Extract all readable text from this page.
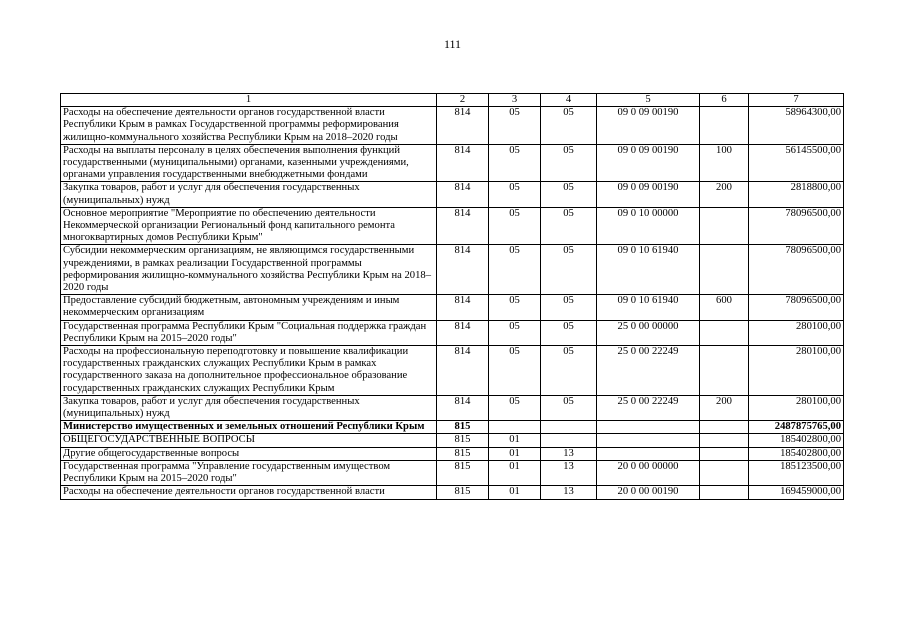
111
1	2	3	4	5	6	7
Расходы на обеспечение деятельности органов государственной власти Республики Крым в рамках Государственной программы реформирования жилищно-коммунального хозяйства Республики Крым на 2018–2020 годы	814	05	05	09 0 09 00190		58964300,00
Расходы на выплаты персоналу в целях обеспечения выполнения функций государственными (муниципальными) органами, казенными учреждениями, органами управления государственными внебюджетными фондами	814	05	05	09 0 09 00190	100	56145500,00
Закупка товаров, работ и услуг для обеспечения государственных (муниципальных) нужд	814	05	05	09 0 09 00190	200	2818800,00
Основное мероприятие "Мероприятие по обеспечению деятельности Некоммерческой организации Региональный фонд капитального ремонта многоквартирных домов Республики Крым"	814	05	05	09 0 10 00000		78096500,00
Субсидии некоммерческим организациям, не являющимся государственными учреждениями, в рамках реализации Государственной программы реформирования жилищно-коммунального хозяйства Республики Крым на 2018–2020 годы	814	05	05	09 0 10 61940		78096500,00
Предоставление субсидий бюджетным, автономным учреждениям и иным некоммерческим организациям	814	05	05	09 0 10 61940	600	78096500,00
Государственная программа Республики Крым "Социальная поддержка граждан Республики Крым на 2015–2020 годы"	814	05	05	25 0 00 00000		280100,00
Расходы на профессиональную переподготовку и повышение квалификации государственных гражданских служащих Республики Крым в рамках государственного заказа на дополнительное профессиональное образование государственных гражданских служащих Республики Крым	814	05	05	25 0 00 22249		280100,00
Закупка товаров, работ и услуг для обеспечения государственных (муниципальных) нужд	814	05	05	25 0 00 22249	200	280100,00
Министерство имущественных и земельных отношений Республики Крым	815					2487875765,00
ОБЩЕГОСУДАРСТВЕННЫЕ ВОПРОСЫ	815	01				185402800,00
Другие общегосударственные вопросы	815	01	13			185402800,00
Государственная программа "Управление государственным имуществом Республики Крым на 2015–2020 годы"	815	01	13	20 0 00 00000		185123500,00
Расходы на обеспечение деятельности органов государственной власти	815	01	13	20 0 00 00190		169459000,00
